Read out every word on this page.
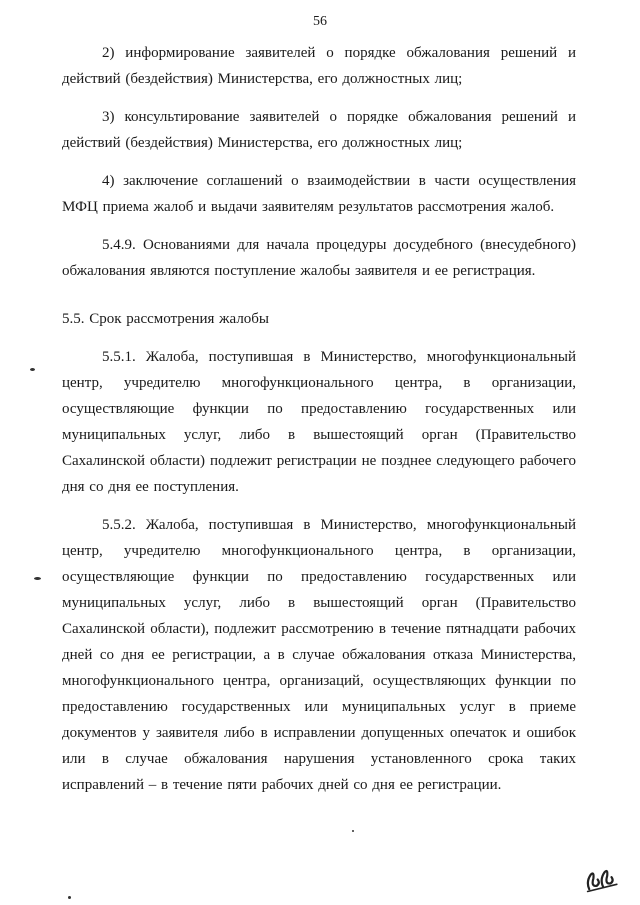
56

2) информирование заявителей о порядке обжалования решений и действий (бездействия) Министерства, его должностных лиц;

3) консультирование заявителей о порядке обжалования решений и действий (бездействия) Министерства, его должностных лиц;

4) заключение соглашений о взаимодействии в части осуществления МФЦ приема жалоб и выдачи заявителям результатов рассмотрения жалоб.

5.4.9. Основаниями для начала процедуры досудебного (внесудебного) обжалования являются поступление жалобы заявителя и ее регистрация.

5.5. Срок рассмотрения жалобы

5.5.1. Жалоба, поступившая в Министерство, многофункциональный центр, учредителю многофункционального центра, в организации, осуществляющие функции по предоставлению государственных или муниципальных услуг, либо в вышестоящий орган (Правительство Сахалинской области) подлежит регистрации не позднее следующего рабочего дня со дня ее поступления.

5.5.2. Жалоба, поступившая в Министерство, многофункциональный центр, учредителю многофункционального центра, в организации, осуществляющие функции по предоставлению государственных или муниципальных услуг, либо в вышестоящий орган (Правительство Сахалинской области), подлежит рассмотрению в течение пятнадцати рабочих дней со дня ее регистрации, а в случае обжалования отказа Министерства, многофункционального центра, организаций, осуществляющих функции по предоставлению государственных или муниципальных услуг в приеме документов у заявителя либо в исправлении допущенных опечаток и ошибок или в случае обжалования нарушения установленного срока таких исправлений – в течение пяти рабочих дней со дня ее регистрации.
